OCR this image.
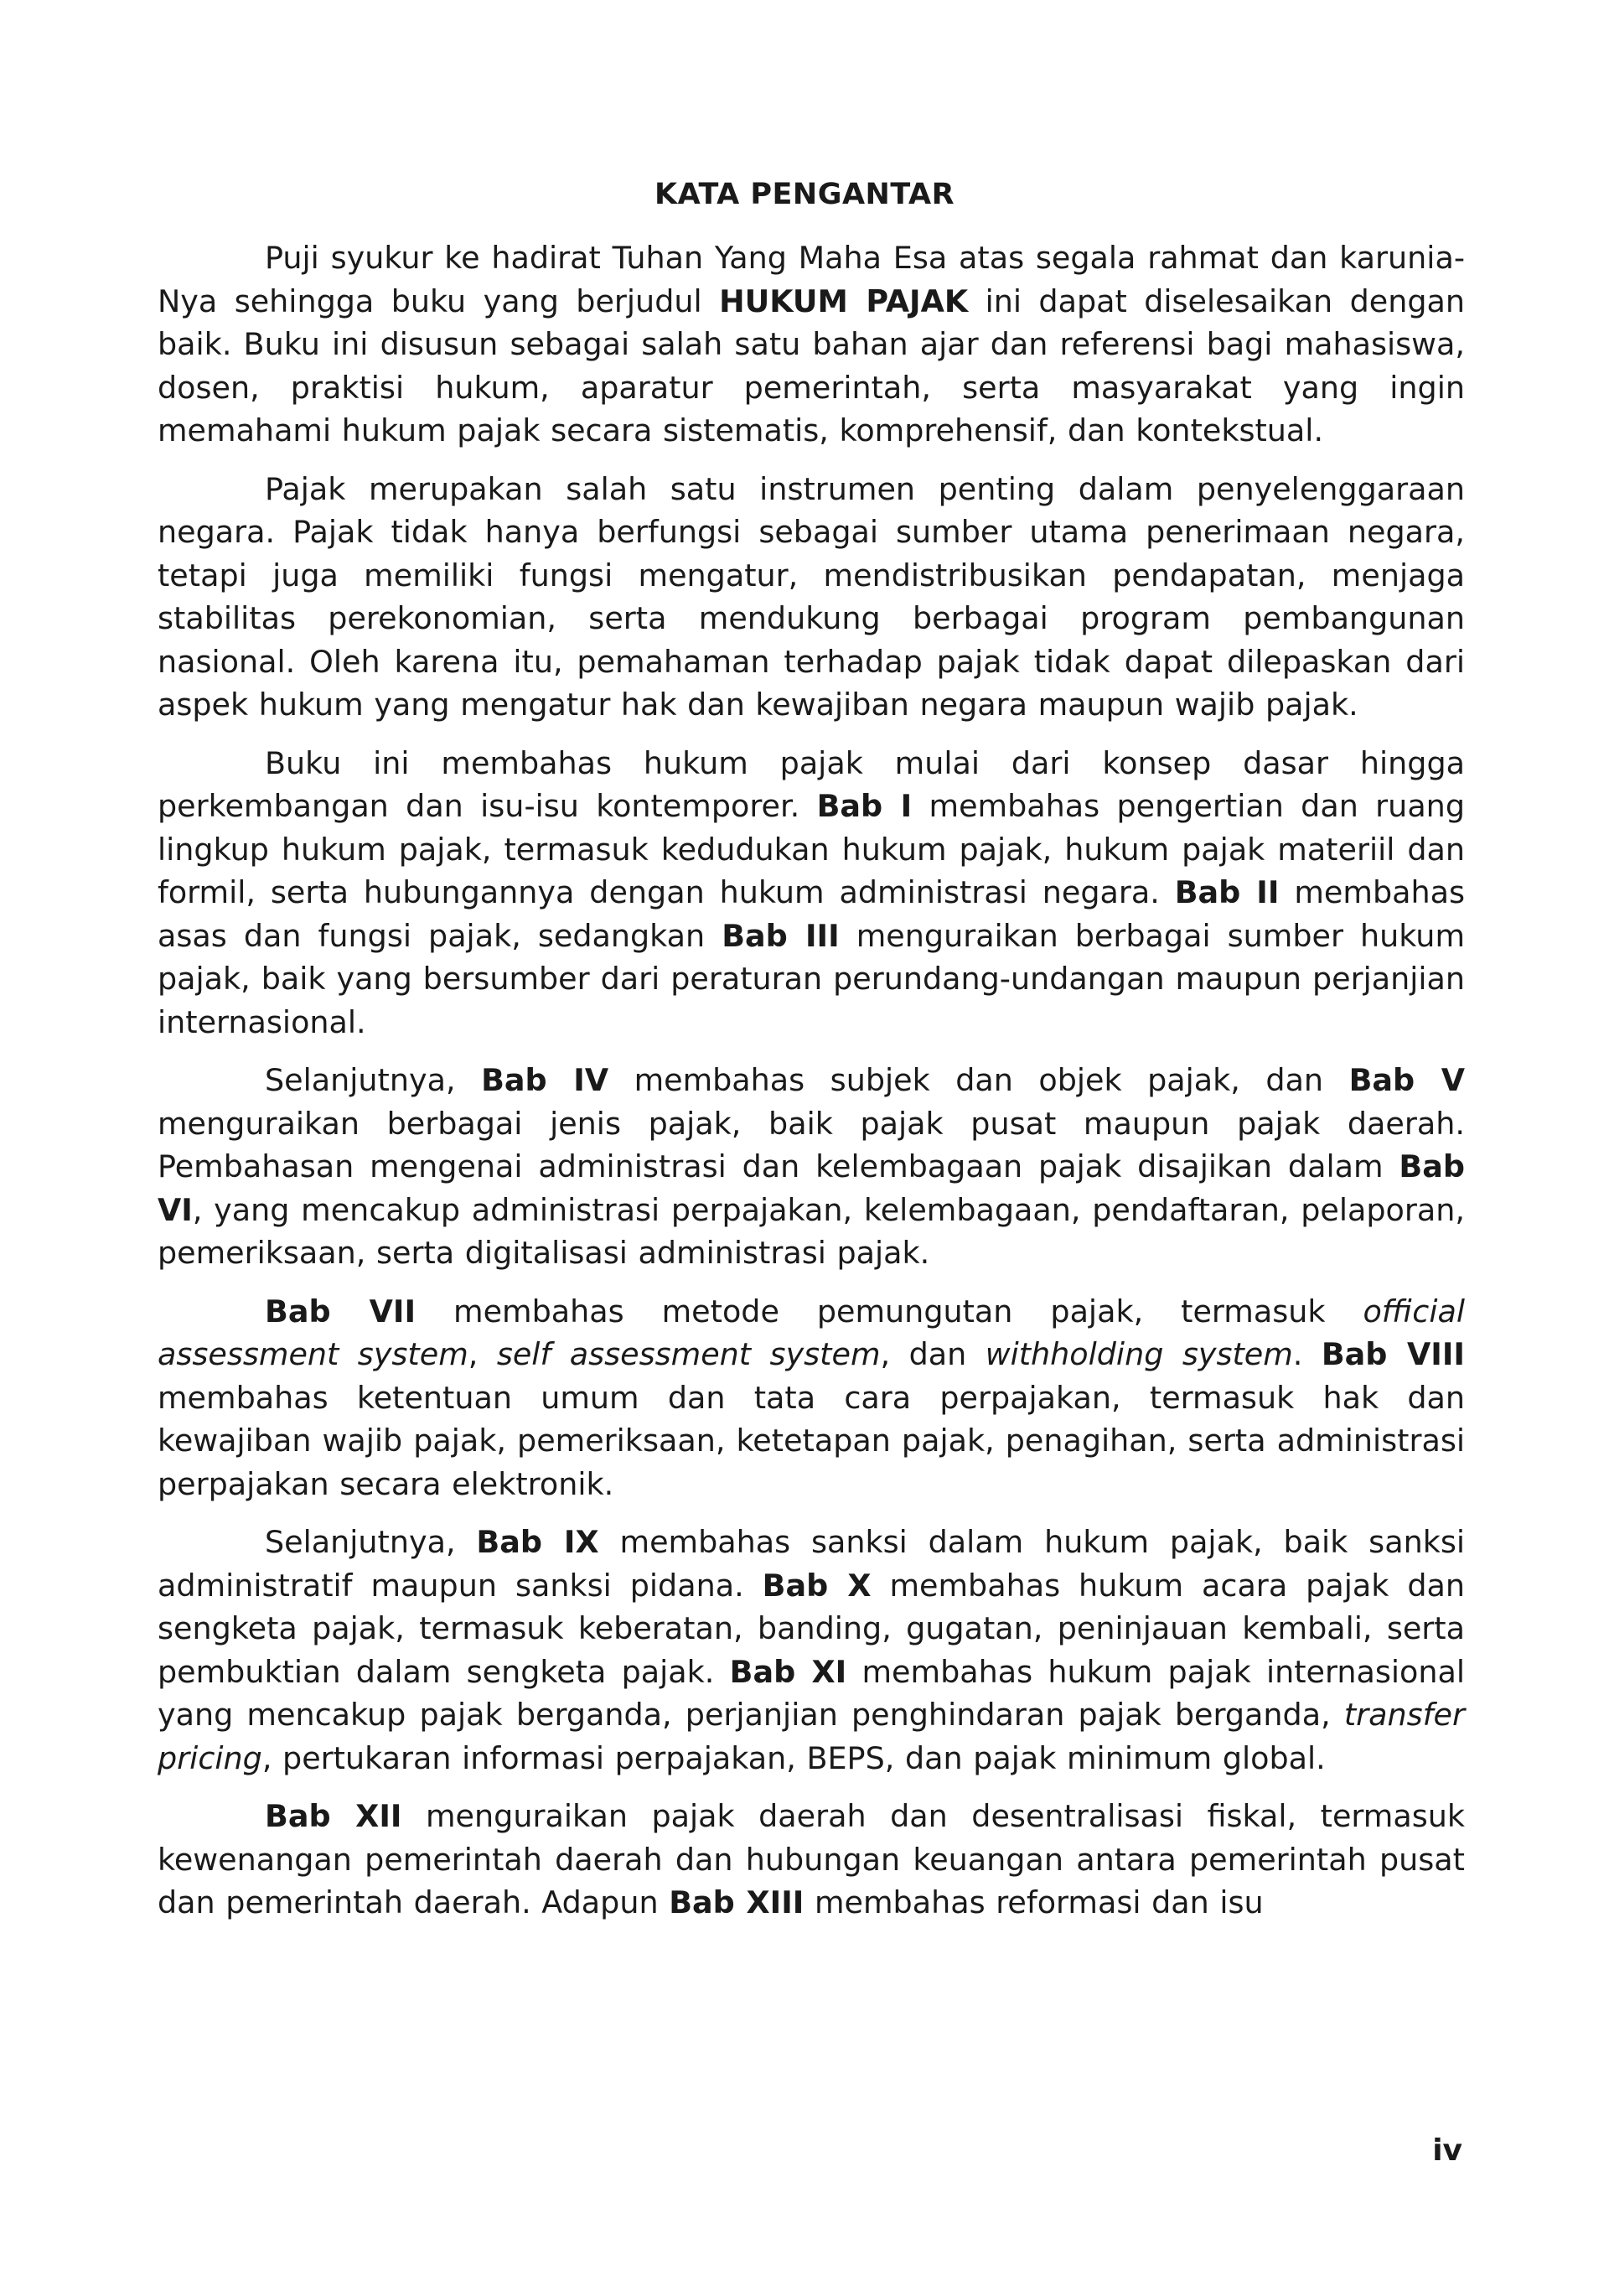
KATA PENGANTAR

Puji syukur ke hadirat Tuhan Yang Maha Esa atas segala rahmat dan karunia-Nya sehingga buku yang berjudul HUKUM PAJAK ini dapat diselesaikan dengan baik. Buku ini disusun sebagai salah satu bahan ajar dan referensi bagi mahasiswa, dosen, praktisi hukum, aparatur pemerintah, serta masyarakat yang ingin memahami hukum pajak secara sistematis, komprehensif, dan kontekstual.

Pajak merupakan salah satu instrumen penting dalam penyelenggaraan negara. Pajak tidak hanya berfungsi sebagai sumber utama penerimaan negara, tetapi juga memiliki fungsi mengatur, mendistribusikan pendapatan, menjaga stabilitas perekonomian, serta mendukung berbagai program pembangunan nasional. Oleh karena itu, pemahaman terhadap pajak tidak dapat dilepaskan dari aspek hukum yang mengatur hak dan kewajiban negara maupun wajib pajak.

Buku ini membahas hukum pajak mulai dari konsep dasar hingga perkembangan dan isu-isu kontemporer. Bab I membahas pengertian dan ruang lingkup hukum pajak, termasuk kedudukan hukum pajak, hukum pajak materiil dan formil, serta hubungannya dengan hukum administrasi negara. Bab II membahas asas dan fungsi pajak, sedangkan Bab III menguraikan berbagai sumber hukum pajak, baik yang bersumber dari peraturan perundang-undangan maupun perjanjian internasional.

Selanjutnya, Bab IV membahas subjek dan objek pajak, dan Bab V menguraikan berbagai jenis pajak, baik pajak pusat maupun pajak daerah. Pembahasan mengenai administrasi dan kelembagaan pajak disajikan dalam Bab VI, yang mencakup administrasi perpajakan, kelembagaan, pendaftaran, pelaporan, pemeriksaan, serta digitalisasi administrasi pajak.

Bab VII membahas metode pemungutan pajak, termasuk official assessment system, self assessment system, dan withholding system. Bab VIII membahas ketentuan umum dan tata cara perpajakan, termasuk hak dan kewajiban wajib pajak, pemeriksaan, ketetapan pajak, penagihan, serta administrasi perpajakan secara elektronik.

Selanjutnya, Bab IX membahas sanksi dalam hukum pajak, baik sanksi administratif maupun sanksi pidana. Bab X membahas hukum acara pajak dan sengketa pajak, termasuk keberatan, banding, gugatan, peninjauan kembali, serta pembuktian dalam sengketa pajak. Bab XI membahas hukum pajak internasional yang mencakup pajak berganda, perjanjian penghindaran pajak berganda, transfer pricing, pertukaran informasi perpajakan, BEPS, dan pajak minimum global.

Bab XII menguraikan pajak daerah dan desentralisasi fiskal, termasuk kewenangan pemerintah daerah dan hubungan keuangan antara pemerintah pusat dan pemerintah daerah. Adapun Bab XIII membahas reformasi dan isu

iv
